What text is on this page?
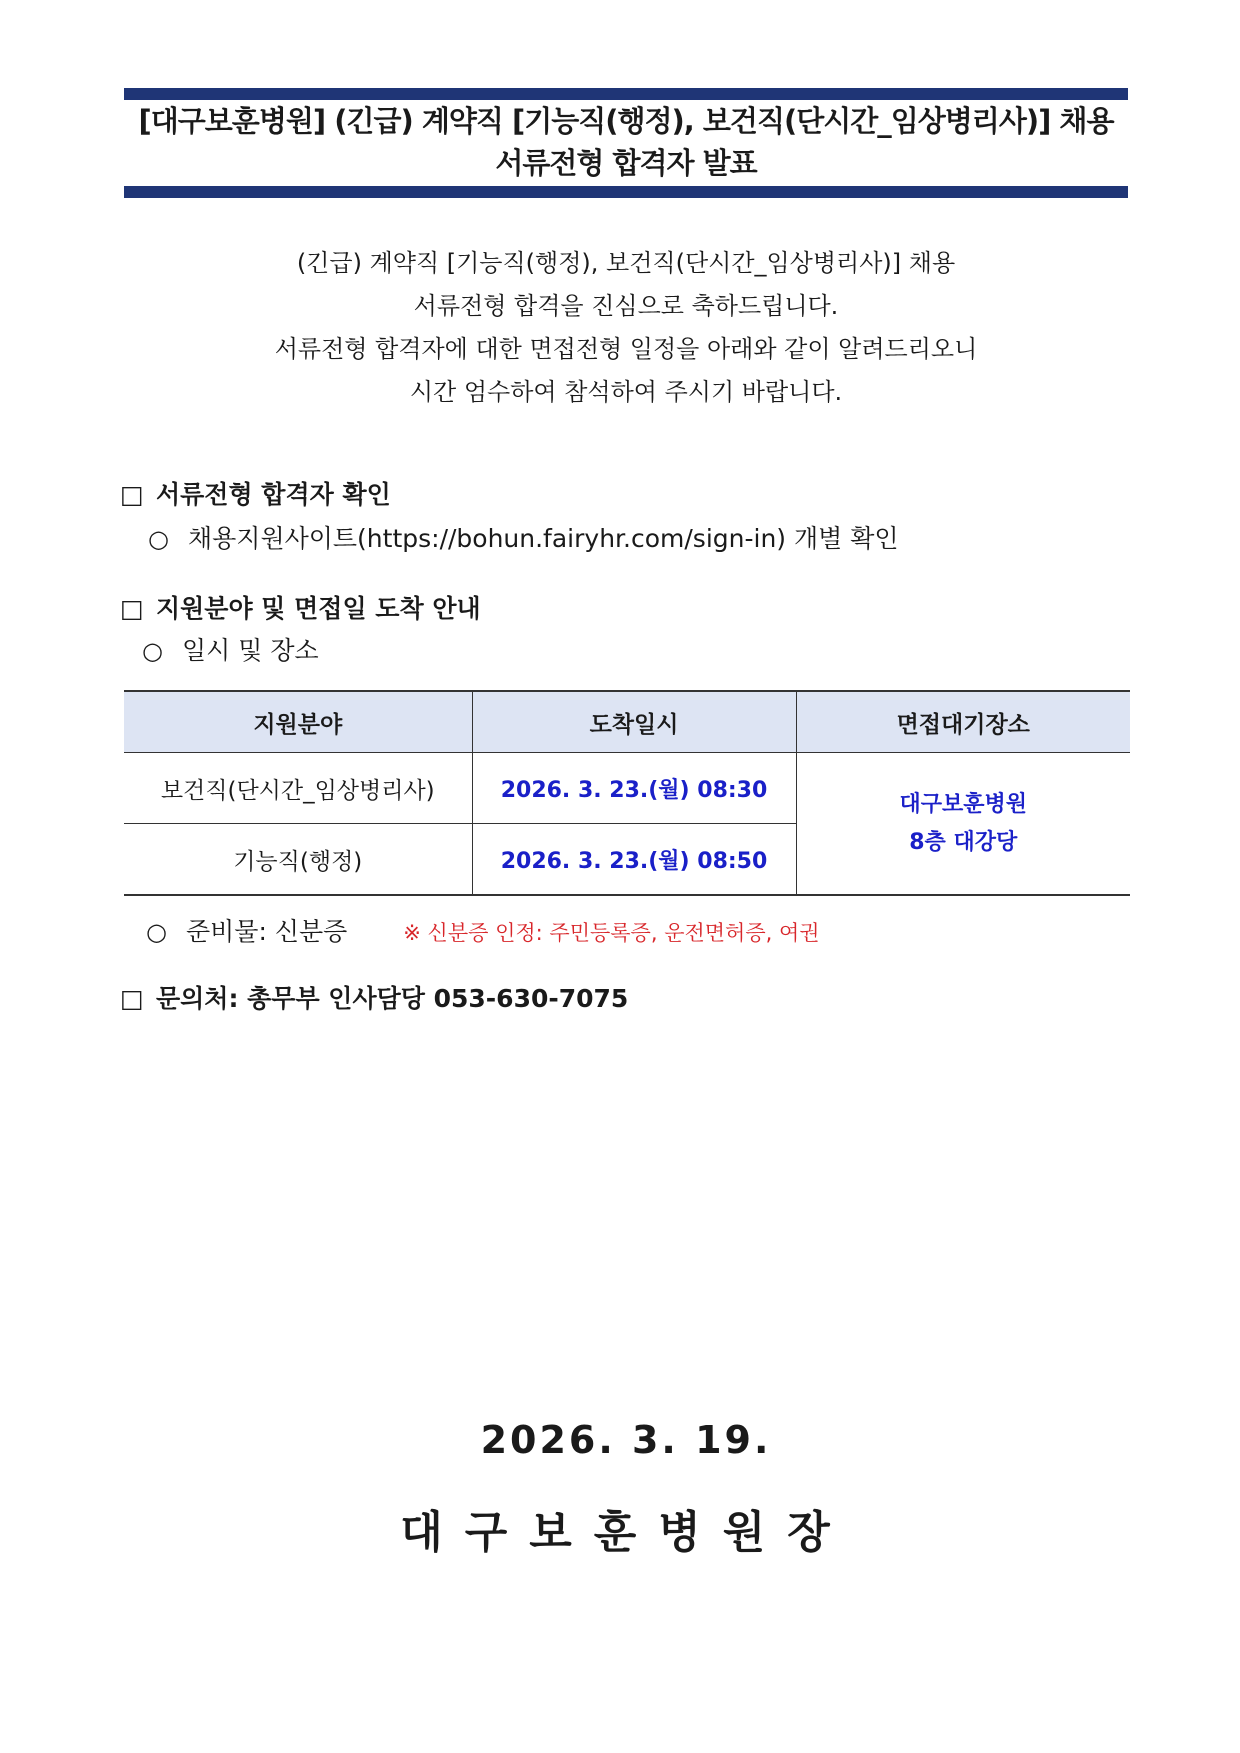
[대구보훈병원] (긴급) 계약직 [기능직(행정), 보건직(단시간_임상병리사)] 채용
서류전형 합격자 발표
(긴급) 계약직 [기능직(행정), 보건직(단시간_임상병리사)] 채용
서류전형 합격을 진심으로 축하드립니다.
서류전형 합격자에 대한 면접전형 일정을 아래와 같이 알려드리오니
시간 엄수하여 참석하여 주시기 바랍니다.
□ 서류전형 합격자 확인
○ 채용지원사이트(https://bohun.fairyhr.com/sign-in) 개별 확인
□ 지원분야 및 면접일 도착 안내
○ 일시 및 장소
지원분야	도착일시	면접대기장소
보건직(단시간_임상병리사)	2026. 3. 23.(월) 08:30	대구보훈병원
8층 대강당

기능직(행정)	2026. 3. 23.(월) 08:50	
○ 준비물: 신분증	※ 신분증 인정: 주민등록증, 운전면허증, 여권
□ 문의처: 총무부 인사담당 053-630-7075
2026. 3. 19.
대구보훈병원장
